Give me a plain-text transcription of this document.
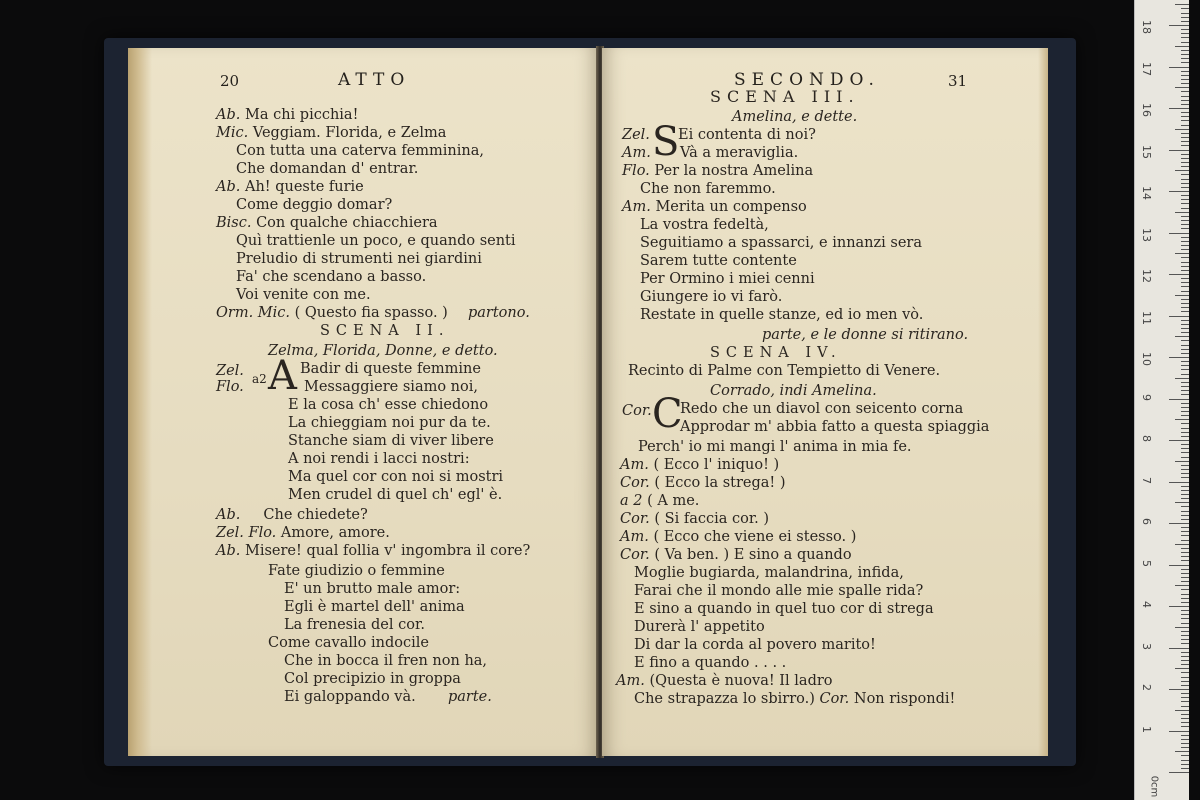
20	ATTO
Ab. Ma chi picchia!
Mic. Veggiam. Florida, e Zelma
Con tutta una caterva femminina,
Che domandan d' entrar.
Ab. Ah! queste furie
Come deggio domar?
Bisc. Con qualche chiacchiera
Quì trattienle un poco, e quando senti
Preludio di strumenti nei giardini
Fa' che scendano a basso.
Voi venite con me.
Orm. Mic. ( Questo fia spasso. ) partono.
SCENA II.
Zelma, Florida, Donne, e detto.
Zel.
Flo. a2 A Badir di queste femmine
Messaggiere siamo noi,
E la cosa ch' esse chiedono
La chieggiam noi pur da te.
Stanche siam di viver libere
A noi rendi i lacci nostri:
Ma quel cor con noi si mostri
Men crudel di quel ch' egl' è.
Ab. Che chiedete?
Zel. Flo. Amore, amore.
Ab. Misere! qual follia v' ingombra il core?
Fate giudizio o femmine
E' un brutto male amor:
Egli è martel dell' anima
La frenesia del cor.
Come cavallo indocile
Che in bocca il fren non ha,
Col precipizio in groppa
Ei galoppando và. parte.
SECONDO.	31
SCENA III.
Amelina, e dette.
S
Zel. Ei contenta di noi?
Am. Và a meraviglia.
Flo. Per la nostra Amelina
Che non faremmo.
Am. Merita un compenso
La vostra fedeltà,
Seguitiamo a spassarci, e innanzi sera
Sarem tutte contente
Per Ormino i miei cenni
Giungere io vi farò.
Restate in quelle stanze, ed io men vò.
parte, e le donne si ritirano.
SCENA IV.
Recinto di Palme con Tempietto di Venere.
Corrado, indi Amelina.
Cor. C
Redo che un diavol con seicento corna
Approdar m' abbia fatto a questa spiaggia
Perch' io mi mangi l' anima in mia fe.
Am. ( Ecco l' iniquo! )
Cor. ( Ecco la strega! )
a 2 ( A me.
Cor. ( Si faccia cor. )
Am. ( Ecco che viene ei stesso. )
Cor. ( Va ben. ) E sino a quando
Moglie bugiarda, malandrina, infida,
Farai che il mondo alle mie spalle rida?
E sino a quando in quel tuo cor di strega
Durerà l' appetito
Di dar la corda al povero marito!
E fino a quando . . . .
Am. (Questa è nuova! Il ladro
Che strapazza lo sbirro.) Cor. Non rispondi!
1
2
3
4
5
6
7
8
9
10
11
12
13
14
15
16
17
18
0cm
